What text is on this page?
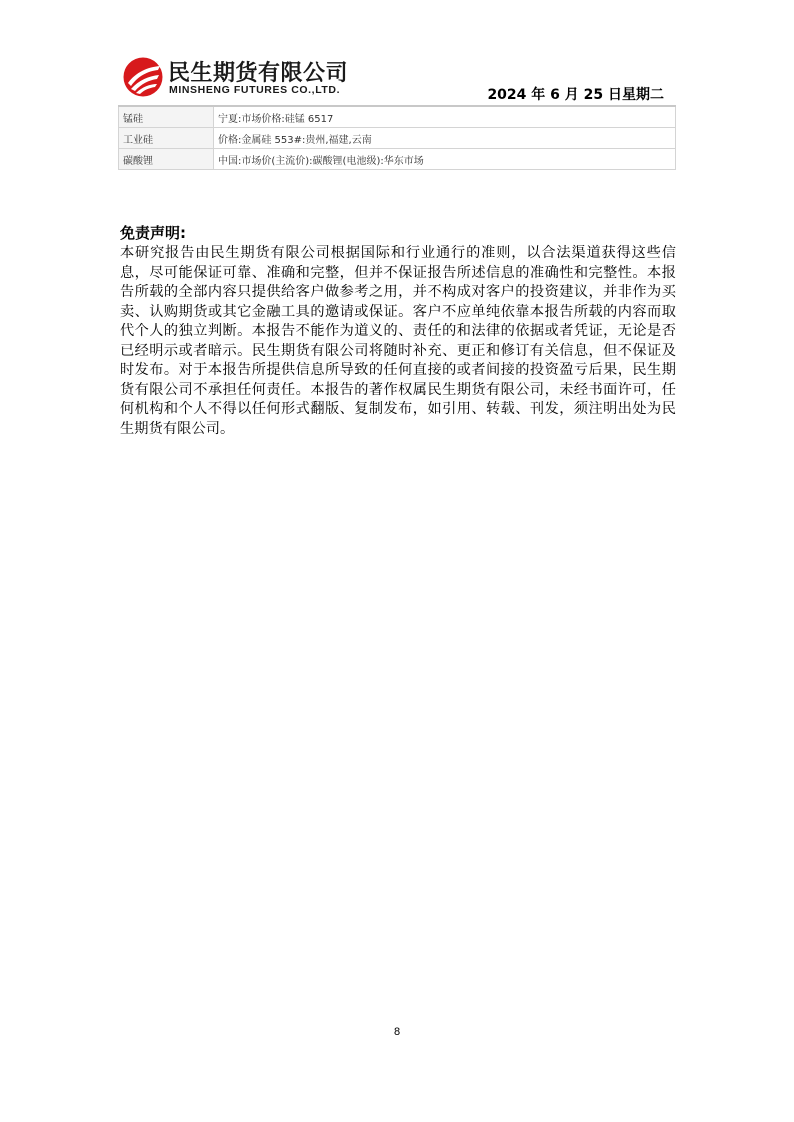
民生期货有限公司
MINSHENG FUTURES CO.,LTD.	2024 年 6 月 25 日星期二
锰硅	宁夏:市场价格:硅锰 6517
工业硅	价格:金属硅 553#:贵州,福建,云南
碳酸锂	中国:市场价(主流价):碳酸锂(电池级):华东市场
免责声明:
本研究报告由民生期货有限公司根据国际和行业通行的准则，以合法渠道获得这些信息，尽可能保证可靠、准确和完整，但并不保证报告所述信息的准确性和完整性。本报告所载的全部内容只提供给客户做参考之用，并不构成对客户的投资建议，并非作为买卖、认购期货或其它金融工具的邀请或保证。客户不应单纯依靠本报告所载的内容而取代个人的独立判断。本报告不能作为道义的、责任的和法律的依据或者凭证，无论是否已经明示或者暗示。民生期货有限公司将随时补充、更正和修订有关信息，但不保证及时发布。对于本报告所提供信息所导致的任何直接的或者间接的投资盈亏后果，民生期货有限公司不承担任何责任。本报告的著作权属民生期货有限公司，未经书面许可，任何机构和个人不得以任何形式翻版、复制发布，如引用、转载、刊发，须注明出处为民生期货有限公司。
8
